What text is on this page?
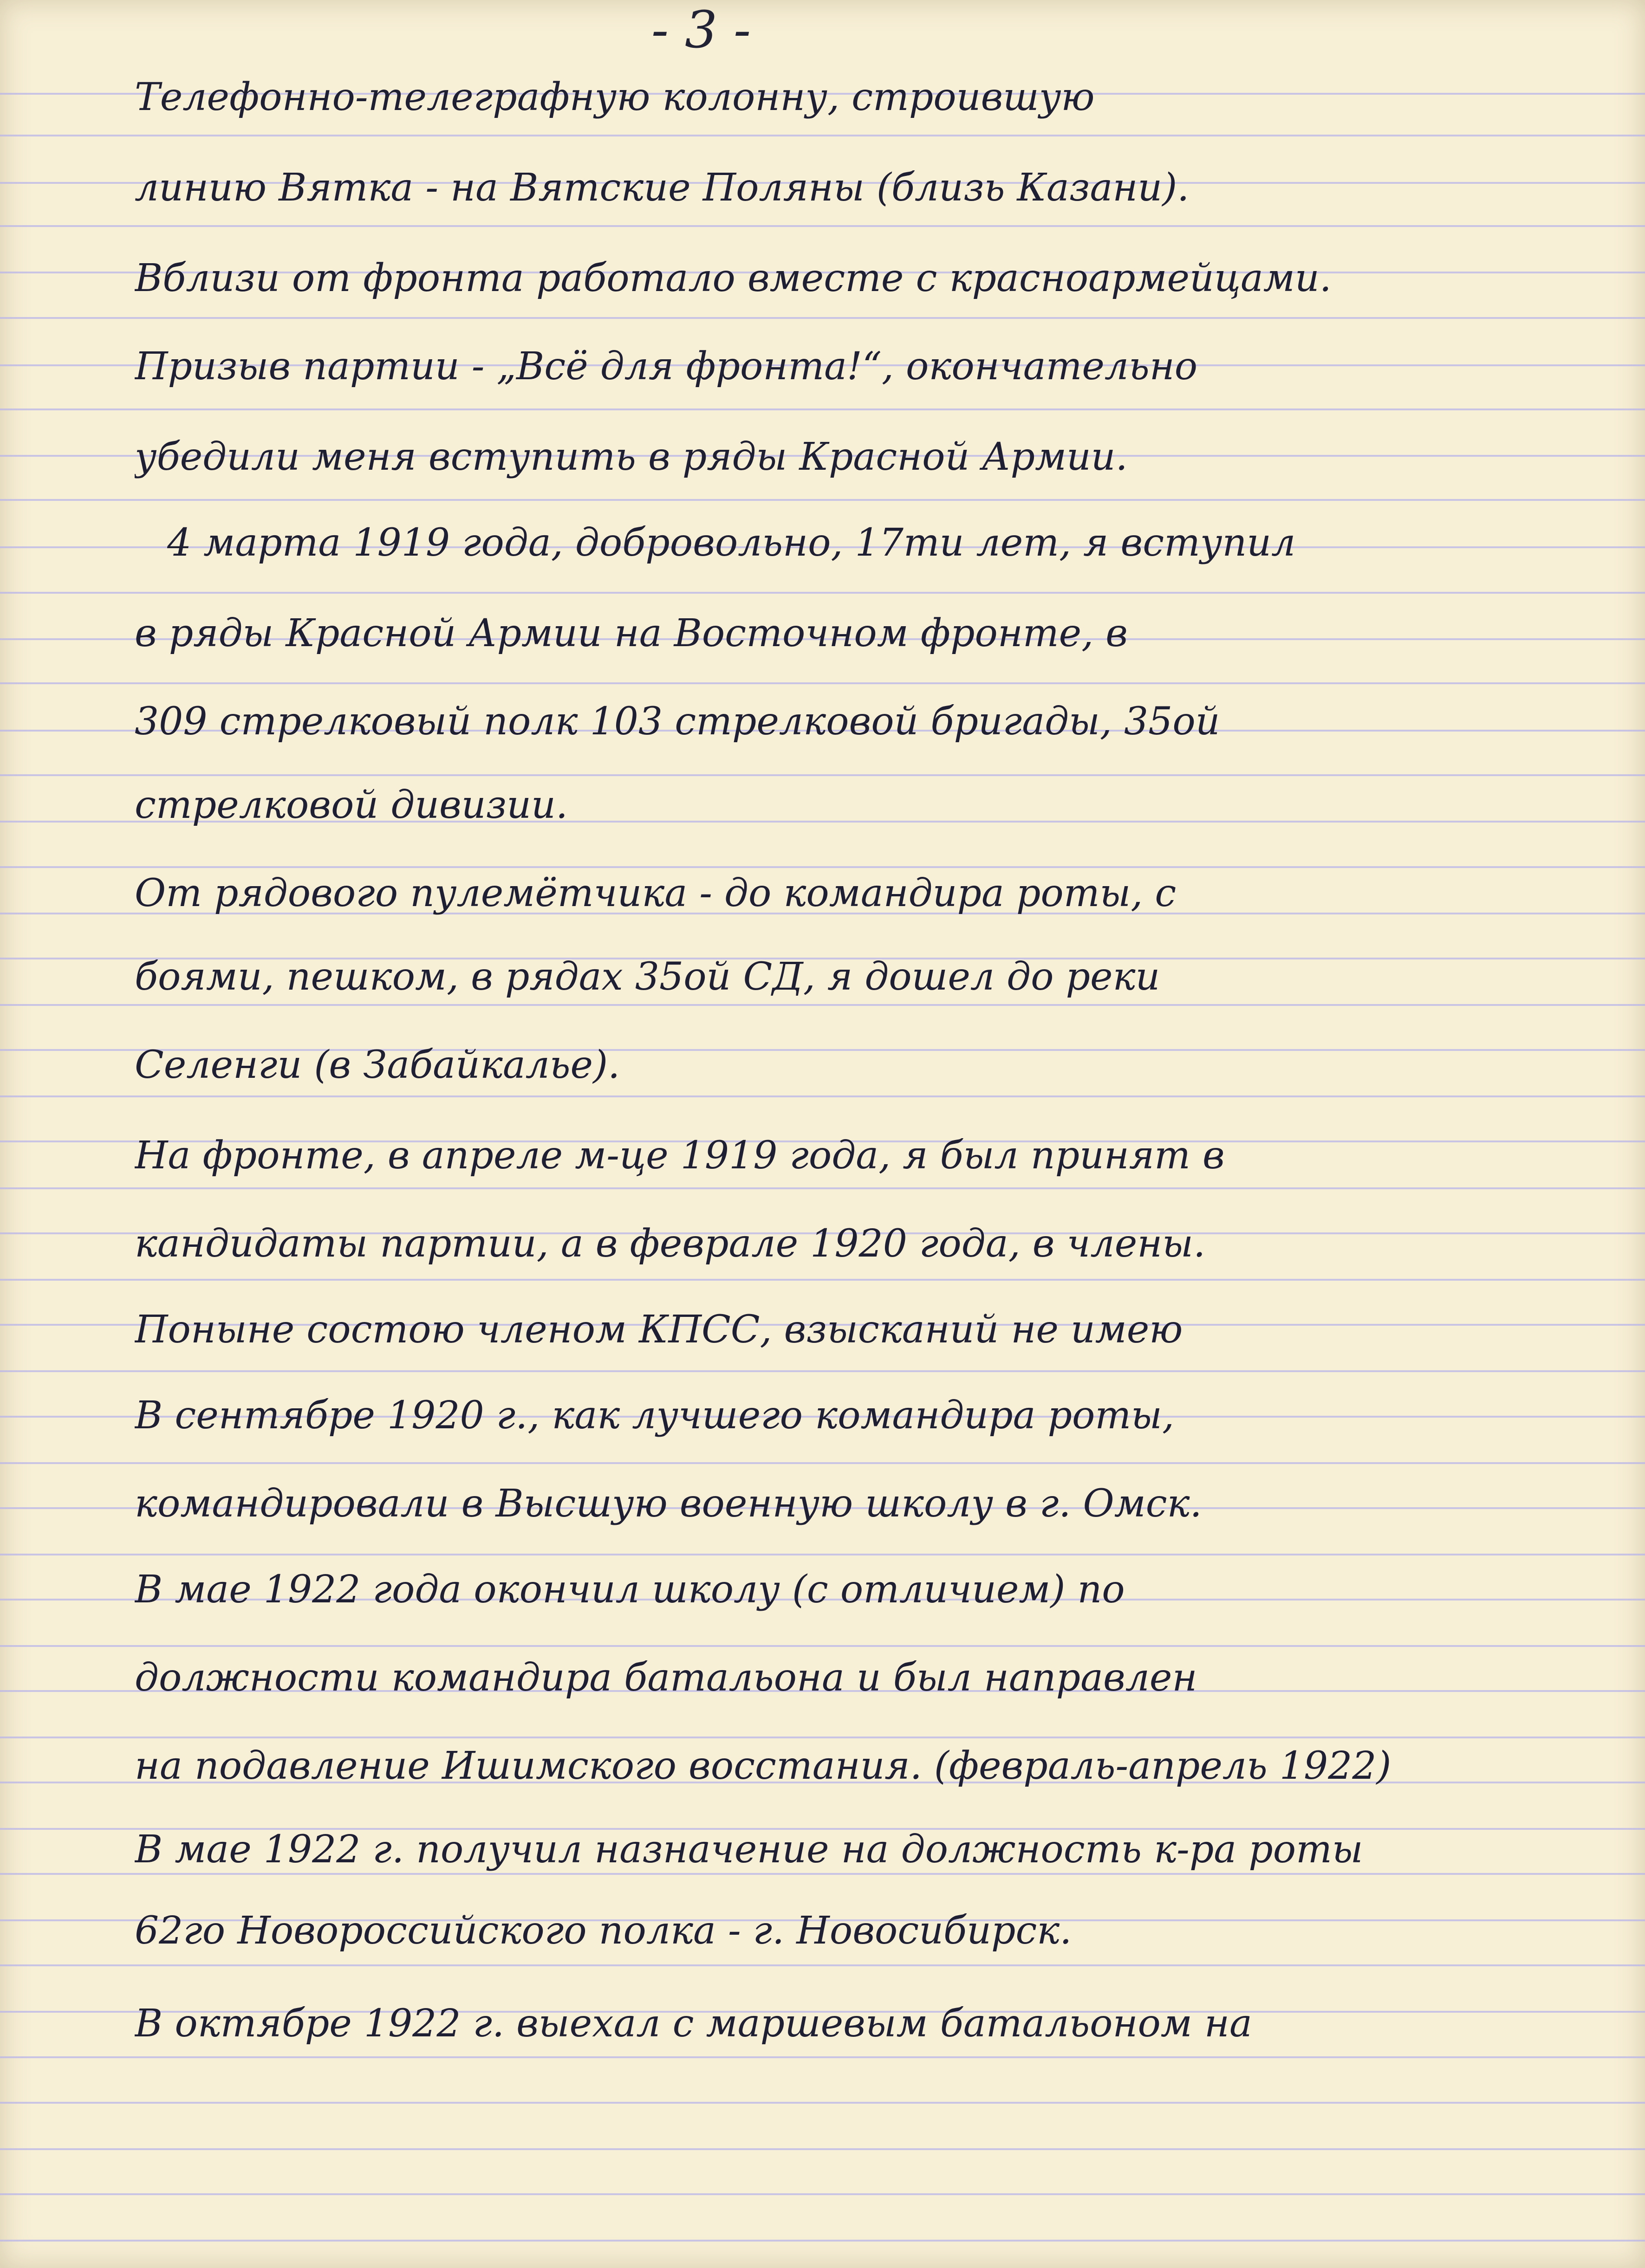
- 3 -
Телефонно-телеграфную колонну, строившую
линию Вятка - на Вятские Поляны (близь Казани).
Вблизи от фронта работало вместе с красноармейцами.
Призыв партии - „Всё для фронта!“, окончательно
убедили меня вступить в ряды Красной Армии.
4 марта 1919 года, добровольно, 17ти лет, я вступил
в ряды Красной Армии на Восточном фронте, в
309 стрелковый полк 103 стрелковой бригады, 35ой
стрелковой дивизии.
От рядового пулемётчика - до командира роты, с
боями, пешком, в рядах 35ой СД, я дошел до реки
Селенги (в Забайкалье).
На фронте, в апреле м-це 1919 года, я был принят в
кандидаты партии, а в феврале 1920 года, в члены.
Поныне состою членом КПСС, взысканий не имею
В сентябре 1920 г., как лучшего командира роты,
командировали в Высшую военную школу в г. Омск.
В мае 1922 года окончил школу (с отличием) по
должности командира батальона и был направлен
на подавление Ишимского восстания. (февраль-апрель 1922)
В мае 1922 г. получил назначение на должность к-ра роты
62го Новороссийского полка - г. Новосибирск.
В октябре 1922 г. выехал с маршевым батальоном на
